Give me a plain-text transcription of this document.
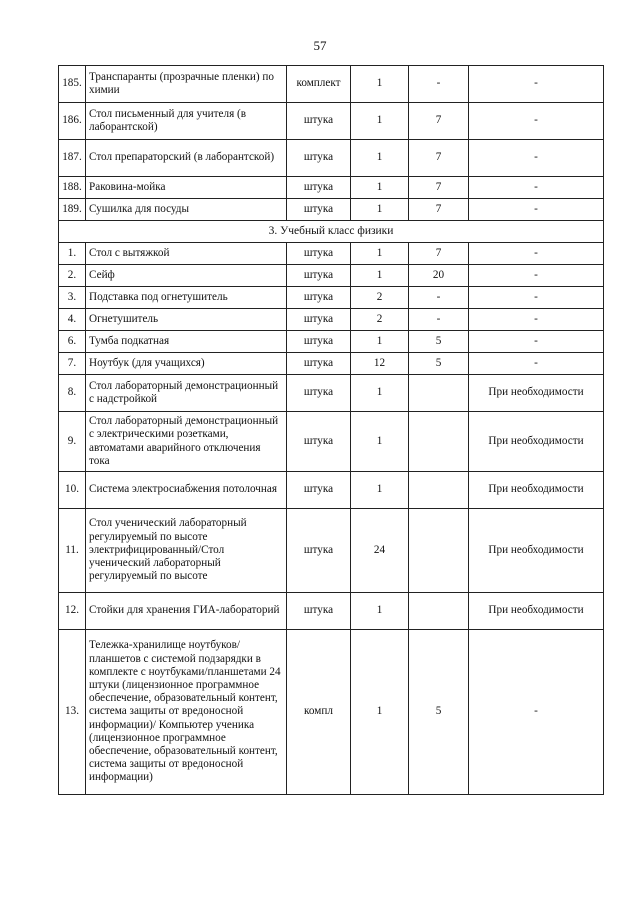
57
185.	Транспаранты (прозрачные пленки) по химии	комплект	1	-	-
186.	Стол письменный для учителя (в лаборантской)	штука	1	7	-
187.	Стол препараторский (в лаборантской)	штука	1	7	-
188.	Раковина-мойка	штука	1	7	-
189.	Сушилка для посуды	штука	1	7	-
3. Учебный класс физики					
1.	Стол с вытяжкой	штука	1	7	-
2.	Сейф	штука	1	20	-
3.	Подставка под огнетушитель	штука	2	-	-
4.	Огнетушитель	штука	2	-	-
6.	Тумба подкатная	штука	1	5	-
7.	Ноутбук (для учащихся)	штука	12	5	-
8.	Стол лабораторный демонстрационный с надстройкой	штука	1		При необходимости
9.	Стол лабораторный демонстрационный с электрическими розетками, автоматами аварийного отключения тока	штука	1		При необходимости
10.	Система электросиабжения потолочная	штука	1		При необходимости
11.	Стол ученический лабораторный регулируемый по высоте электрифицированный/Стол ученический лабораторный регулируемый по высоте	штука	24		При необходимости
12.	Стойки для хранения ГИА-лабораторий	штука	1		При необходимости
13.	Тележка-хранилище ноутбуков/планшетов с системой подзарядки в комплекте с ноутбуками/планшетами 24 штуки (лицензионное программное обеспечение, образовательный контент, система защиты от вредоносной информации)/ Компьютер ученика (лицензионное программное обеспечение, образовательный контент, система защиты от вредоносной информации)	компл	1	5	-
